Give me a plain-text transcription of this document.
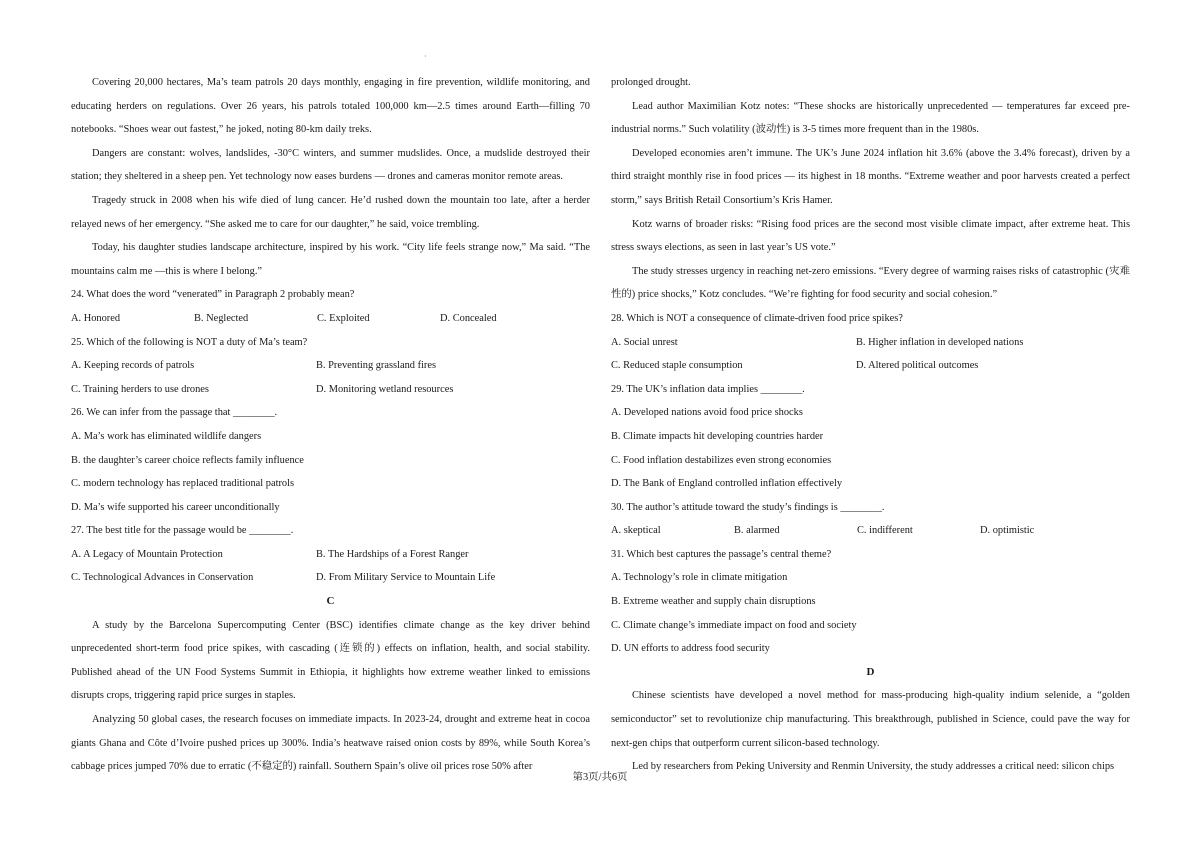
·

Covering 20,000 hectares, Ma’s team patrols 20 days monthly, engaging in fire prevention, wildlife monitoring, and educating herders on regulations. Over 26 years, his patrols totaled 100,000 km—2.5 times around Earth—filling 70 notebooks. “Shoes wear out fastest,” he joked, noting 80-km daily treks.

Dangers are constant: wolves, landslides, -30°C winters, and summer mudslides. Once, a mudslide destroyed their station; they sheltered in a sheep pen. Yet technology now eases burdens — drones and cameras monitor remote areas.

Tragedy struck in 2008 when his wife died of lung cancer. He’d rushed down the mountain too late, after a herder relayed news of her emergency. “She asked me to care for our daughter,” he said, voice trembling.

Today, his daughter studies landscape architecture, inspired by his work. “City life feels strange now,” Ma said. “The mountains calm me —this is where I belong.”

24. What does the word “venerated” in Paragraph 2 probably mean?

A. Honored	B. Neglected	C. Exploited	D. Concealed

25. Which of the following is NOT a duty of Ma’s team?

A. Keeping records of patrols	B. Preventing grassland fires
C. Training herders to use drones	D. Monitoring wetland resources

26. We can infer from the passage that ________.

A. Ma’s work has eliminated wildlife dangers

B. the daughter’s career choice reflects family influence

C. modern technology has replaced traditional patrols

D. Ma’s wife supported his career unconditionally

27. The best title for the passage would be ________.

A. A Legacy of Mountain Protection	B. The Hardships of a Forest Ranger
C. Technological Advances in Conservation	D. From Military Service to Mountain Life

C

A study by the Barcelona Supercomputing Center (BSC) identifies climate change as the key driver behind unprecedented short-term food price spikes, with cascading (连锁的) effects on inflation, health, and social stability. Published ahead of the UN Food Systems Summit in Ethiopia, it highlights how extreme weather linked to emissions disrupts crops, triggering rapid price surges in staples.

Analyzing 50 global cases, the research focuses on immediate impacts. In 2023-24, drought and extreme heat in cocoa giants Ghana and Côte d’Ivoire pushed prices up 300%. India’s heatwave raised onion costs by 89%, while South Korea’s cabbage prices jumped 70% due to erratic (不稳定的) rainfall. Southern Spain’s olive oil prices rose 50% after

prolonged drought.

Lead author Maximilian Kotz notes: “These shocks are historically unprecedented — temperatures far exceed pre-industrial norms.” Such volatility (波动性) is 3-5 times more frequent than in the 1980s.

Developed economies aren’t immune. The UK’s June 2024 inflation hit 3.6% (above the 3.4% forecast), driven by a third straight monthly rise in food prices — its highest in 18 months. “Extreme weather and poor harvests created a perfect storm,” says British Retail Consortium’s Kris Hamer.

Kotz warns of broader risks: “Rising food prices are the second most visible climate impact, after extreme heat. This stress sways elections, as seen in last year’s US vote.”

The study stresses urgency in reaching net-zero emissions. “Every degree of warming raises risks of catastrophic (灾难性的) price shocks,” Kotz concludes. “We’re fighting for food security and social cohesion.”

28. Which is NOT a consequence of climate-driven food price spikes?

A. Social unrest	B. Higher inflation in developed nations
C. Reduced staple consumption	D. Altered political outcomes

29. The UK’s inflation data implies ________.

A. Developed nations avoid food price shocks

B. Climate impacts hit developing countries harder

C. Food inflation destabilizes even strong economies

D. The Bank of England controlled inflation effectively

30. The author’s attitude toward the study’s findings is ________.

A. skeptical	B. alarmed	C. indifferent	D. optimistic

31. Which best captures the passage’s central theme?

A. Technology’s role in climate mitigation

B. Extreme weather and supply chain disruptions

C. Climate change’s immediate impact on food and society

D. UN efforts to address food security

D

Chinese scientists have developed a novel method for mass-producing high-quality indium selenide, a “golden semiconductor” set to revolutionize chip manufacturing. This breakthrough, published in Science, could pave the way for next-gen chips that outperform current silicon-based technology.

Led by researchers from Peking University and Renmin University, the study addresses a critical need: silicon chips

第3页/共6页
